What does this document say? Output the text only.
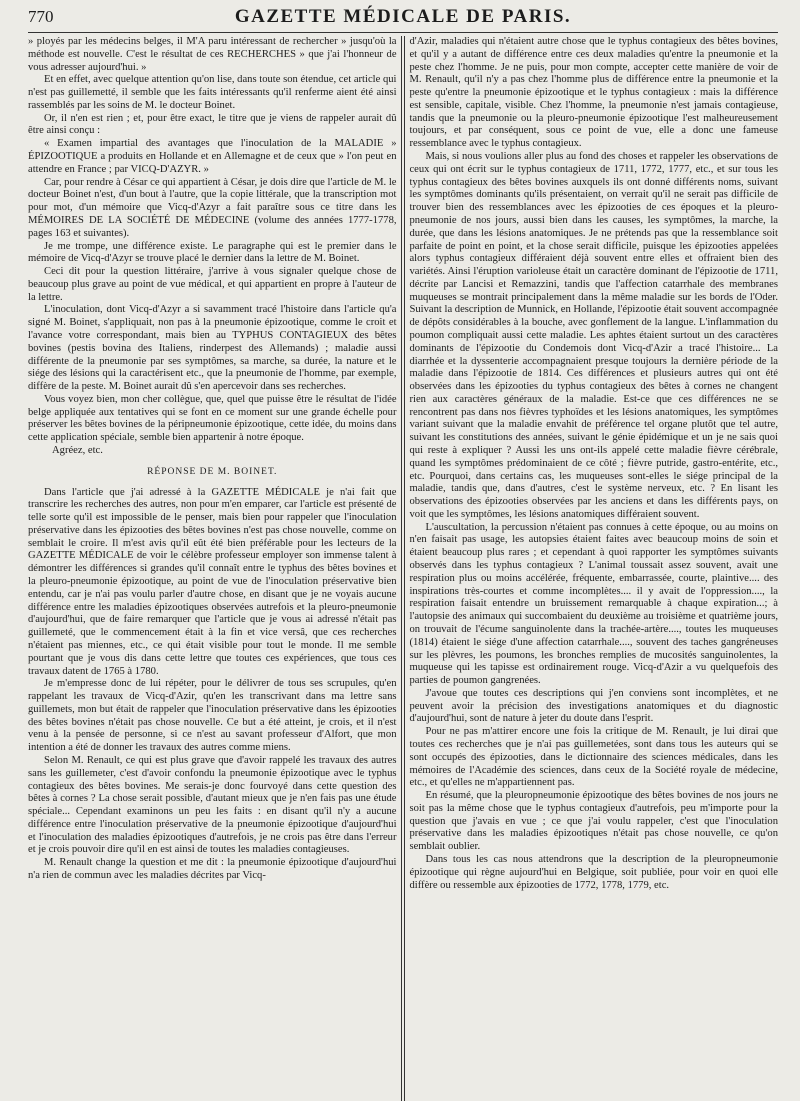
770	GAZETTE MÉDICALE DE PARIS.

» ployés par les médecins belges, il M'A paru intéressant de rechercher » jusqu'où la méthode est nouvelle. C'est le résultat de ces RECHERCHES » que j'ai l'honneur de vous adresser aujourd'hui. »

Et en effet, avec quelque attention qu'on lise, dans toute son étendue, cet article qui n'est pas guillemetté, il semble que les faits intéressants qu'il renferme aient été ainsi rassemblés par les soins de M. le docteur Boinet.

Or, il n'en est rien ; et, pour être exact, le titre que je viens de rappeler aurait dû être ainsi conçu :

« Examen impartial des avantages que l'inoculation de la MALADIE » ÉPIZOOTIQUE a produits en Hollande et en Allemagne et de ceux que » l'on peut en attendre en France ; par VICQ-D'AZYR. »

Car, pour rendre à César ce qui appartient à César, je dois dire que l'article de M. le docteur Boinet n'est, d'un bout à l'autre, que la copie littérale, que la transcription mot pour mot, d'un mémoire que Vicq-d'Azyr a fait paraître sous ce titre dans les MÉMOIRES DE LA SOCIÉTÉ DE MÉDECINE (volume des années 1777-1778, pages 163 et suivantes).

Je me trompe, une différence existe. Le paragraphe qui est le premier dans le mémoire de Vicq-d'Azyr se trouve placé le dernier dans la lettre de M. Boinet.

Ceci dit pour la question littéraire, j'arrive à vous signaler quelque chose de beaucoup plus grave au point de vue médical, et qui appartient en propre à l'auteur de la lettre.

L'inoculation, dont Vicq-d'Azyr a si savamment tracé l'histoire dans l'article qu'a signé M. Boinet, s'appliquait, non pas à la pneumonie épizootique, comme le croit et l'avance votre correspondant, mais bien au TYPHUS CONTAGIEUX des bêtes bovines (pestis bovina des Italiens, rinderpest des Allemands) ; maladie aussi différente de la pneumonie par ses symptômes, sa marche, sa durée, la nature et le siége des lésions qui la caractérisent etc., que la pneumonie de l'homme, par exemple, diffère de la peste. M. Boinet aurait dû s'en apercevoir dans ses recherches.

Vous voyez bien, mon cher collègue, que, quel que puisse être le résultat de l'idée belge appliquée aux tentatives qui se font en ce moment sur une grande échelle pour préserver les bêtes bovines de la péripneumonie épizootique, cette idée, du moins dans cette application spéciale, semble bien appartenir à notre époque.

Agréez, etc.

RÉPONSE DE M. BOINET.

Dans l'article que j'ai adressé à la GAZETTE MÉDICALE je n'ai fait que transcrire les recherches des autres, non pour m'en emparer, car l'article est présenté de telle sorte qu'il est impossible de le penser, mais bien pour rappeler que l'inoculation préservative dans les épizooties des bêtes bovines n'est pas chose nouvelle, comme on semblait le croire. Il m'est avis qu'il eût été bien préférable pour les lecteurs de la GAZETTE MÉDICALE de voir le célèbre professeur employer son immense talent à démontrer les différences si grandes qu'il connaît entre le typhus des bêtes bovines et la pleuro-pneumonie épizootique, au point de vue de l'inoculation préservative bien entendu, car je n'ai pas voulu parler d'autre chose, en disant que je ne voyais aucune différence entre les maladies épizootiques observées autrefois et la pleuro-pneumonie d'aujourd'hui, que de faire remarquer que l'article que je vous ai adressé n'était pas guillemeté, que le commencement était à la fin et vice versâ, que ces recherches n'étaient pas miennes, etc., ce qui était visible pour tout le monde. Il me semble pourtant que je vous dis dans cette lettre que toutes ces expériences, que tous ces travaux datent de 1765 à 1780.

Je m'empresse donc de lui répéter, pour le délivrer de tous ses scrupules, qu'en rappelant les travaux de Vicq-d'Azir, qu'en les transcrivant dans ma lettre sans guillemets, mon but était de rappeler que l'inoculation préservative dans les épizooties des bêtes bovines n'était pas chose nouvelle. Ce but a été atteint, je crois, et il n'est venu à la pensée de personne, si ce n'est au savant professeur d'Alfort, que mon intention a été de donner les travaux des autres comme miens.

Selon M. Renault, ce qui est plus grave que d'avoir rappelé les travaux des autres sans les guillemeter, c'est d'avoir confondu la pneumonie épizootique avec le typhus contagieux des bêtes bovines. Me serais-je donc fourvoyé dans cette question des bêtes à cornes ? La chose serait possible, d'autant mieux que je n'en fais pas une étude spéciale... Cependant examinons un peu les faits : en disant qu'il n'y a aucune différence entre l'inoculation préservative de la pneumonie épizootique d'aujourd'hui et l'inoculation des maladies épizootiques d'autrefois, je ne crois pas être dans l'erreur et je crois pouvoir dire qu'il en est ainsi de toutes les maladies contagieuses.

M. Renault change la question et me dit : la pneumonie épizootique d'aujourd'hui n'a rien de commun avec les maladies décrites par Vicq-

d'Azir, maladies qui n'étaient autre chose que le typhus contagieux des bêtes bovines, et qu'il y a autant de différence entre ces deux maladies qu'entre la pneumonie et la peste chez l'homme. Je ne puis, pour mon compte, accepter cette manière de voir de M. Renault, qu'il n'y a pas chez l'homme plus de différence entre la pneumonie et la peste qu'entre la pneumonie épizootique et le typhus contagieux : mais la différence est sensible, capitale, visible. Chez l'homme, la pneumonie n'est jamais contagieuse, tandis que la pneumonie ou la pleuro-pneumonie épizootique l'est malheureusement toujours, et par conséquent, sous ce point de vue, elle a donc une fameuse ressemblance avec le typhus contagieux.

Mais, si nous voulions aller plus au fond des choses et rappeler les observations de ceux qui ont écrit sur le typhus contagieux de 1711, 1772, 1777, etc., et sur tous les typhus contagieux des bêtes bovines auxquels ils ont donné différents noms, suivant les symptômes dominants qu'ils présentaient, on verrait qu'il ne serait pas difficile de trouver bien des ressemblances avec les épizooties de ces époques et la pleuro-pneumonie de nos jours, aussi bien dans les causes, les symptômes, la marche, la durée, que dans les lésions anatomiques. Je ne prétends pas que la ressemblance soit parfaite de point en point, et la chose serait difficile, puisque les épizooties appelées alors typhus contagieux différaient déjà souvent entre elles et offraient bien des variétés. Ainsi l'éruption varioleuse était un caractère dominant de l'épizootie de 1711, décrite par Lancisi et Remazzini, tandis que l'affection catarrhale des membranes muqueuses se montrait principalement dans la même maladie sur les bords de l'Oder. Suivant la description de Munnick, en Hollande, l'épizootie était souvent accompagnée de dépôts considérables à la bouche, avec gonflement de la langue. L'inflammation du poumon compliquait aussi cette maladie. Les aphtes étaient surtout un des caractères dominants de l'épizootie du Condemois dont Vicq-d'Azir a tracé l'histoire... La diarrhée et la dyssenterie accompagnaient presque toujours la dernière période de la maladie dans l'épizootie de 1814. Ces différences et plusieurs autres qui ont été observées dans les épizooties du typhus contagieux des bêtes à cornes ne changent rien aux caractères généraux de la maladie. Est-ce que ces différences ne se rencontrent pas dans nos fièvres typhoïdes et les lésions anatomiques, les symptômes variant suivant que la maladie envahit de préférence tel organe plutôt que tel autre, suivant les constitutions des années, suivant le génie épidémique et un je ne sais quoi qui reste à expliquer ? Aussi les uns ont-ils appelé cette maladie fièvre cérébrale, quand les symptômes prédominaient de ce côté ; fièvre putride, gastro-entérite, etc., etc. Pourquoi, dans certains cas, les muqueuses sont-elles le siége principal de la maladie, tandis que, dans d'autres, c'est le système nerveux, etc. ? En lisant les observations des épizooties observées par les anciens et dans les différents pays, on voit que les symptômes, les lésions anatomiques différaient souvent.

L'auscultation, la percussion n'étaient pas connues à cette époque, ou au moins on n'en faisait pas usage, les autopsies étaient faites avec beaucoup moins de soin et étaient beaucoup plus rares ; et cependant à quoi rapporter les symptômes suivants observés dans les typhus contagieux ? L'animal toussait assez souvent, avait une respiration plus ou moins accélérée, fréquente, embarrassée, courte, plaintive.... des inspirations très-courtes et comme incomplètes.... il y avait de l'oppression...., la respiration faisait entendre un bruissement remarquable à chaque expiration...; à l'autopsie des animaux qui succombaient du deuxième au troisième et quatrième jours, on trouvait de l'écume sanguinolente dans la trachée-artère...., toutes les muqueuses (1814) étaient le siége d'une affection catarrhale...., souvent des taches gangréneuses sur les plèvres, les poumons, les bronches remplies de mucosités sanguinolentes, la muqueuse qui les tapisse est ordinairement rouge. Vicq-d'Azir a vu quelquefois des parties de poumon gangrenées.

J'avoue que toutes ces descriptions qui j'en conviens sont incomplètes, et ne peuvent avoir la précision des investigations anatomiques et du diagnostic d'aujourd'hui, sont de nature à jeter du doute dans l'esprit.

Pour ne pas m'attirer encore une fois la critique de M. Renault, je lui dirai que toutes ces recherches que je n'ai pas guillemetées, sont dans tous les auteurs qui se sont occupés des épizooties, dans le dictionnaire des sciences médicales, dans les mémoires de l'Académie des sciences, dans ceux de la Société royale de médecine, etc., et qu'elles ne m'appartiennent pas.

En résumé, que la pleuropneumonie épizootique des bêtes bovines de nos jours ne soit pas la même chose que le typhus contagieux d'autrefois, peu m'importe pour la question que j'avais en vue ; ce que j'ai voulu rappeler, c'est que l'inoculation préservative dans les maladies épizootiques n'était pas chose nouvelle, ce qu'on semblait oublier.

Dans tous les cas nous attendrons que la description de la pleuropneumonie épizootique qui règne aujourd'hui en Belgique, soit publiée, pour voir en quoi elle diffère ou ressemble aux épizooties de 1772, 1778, 1779, etc.
